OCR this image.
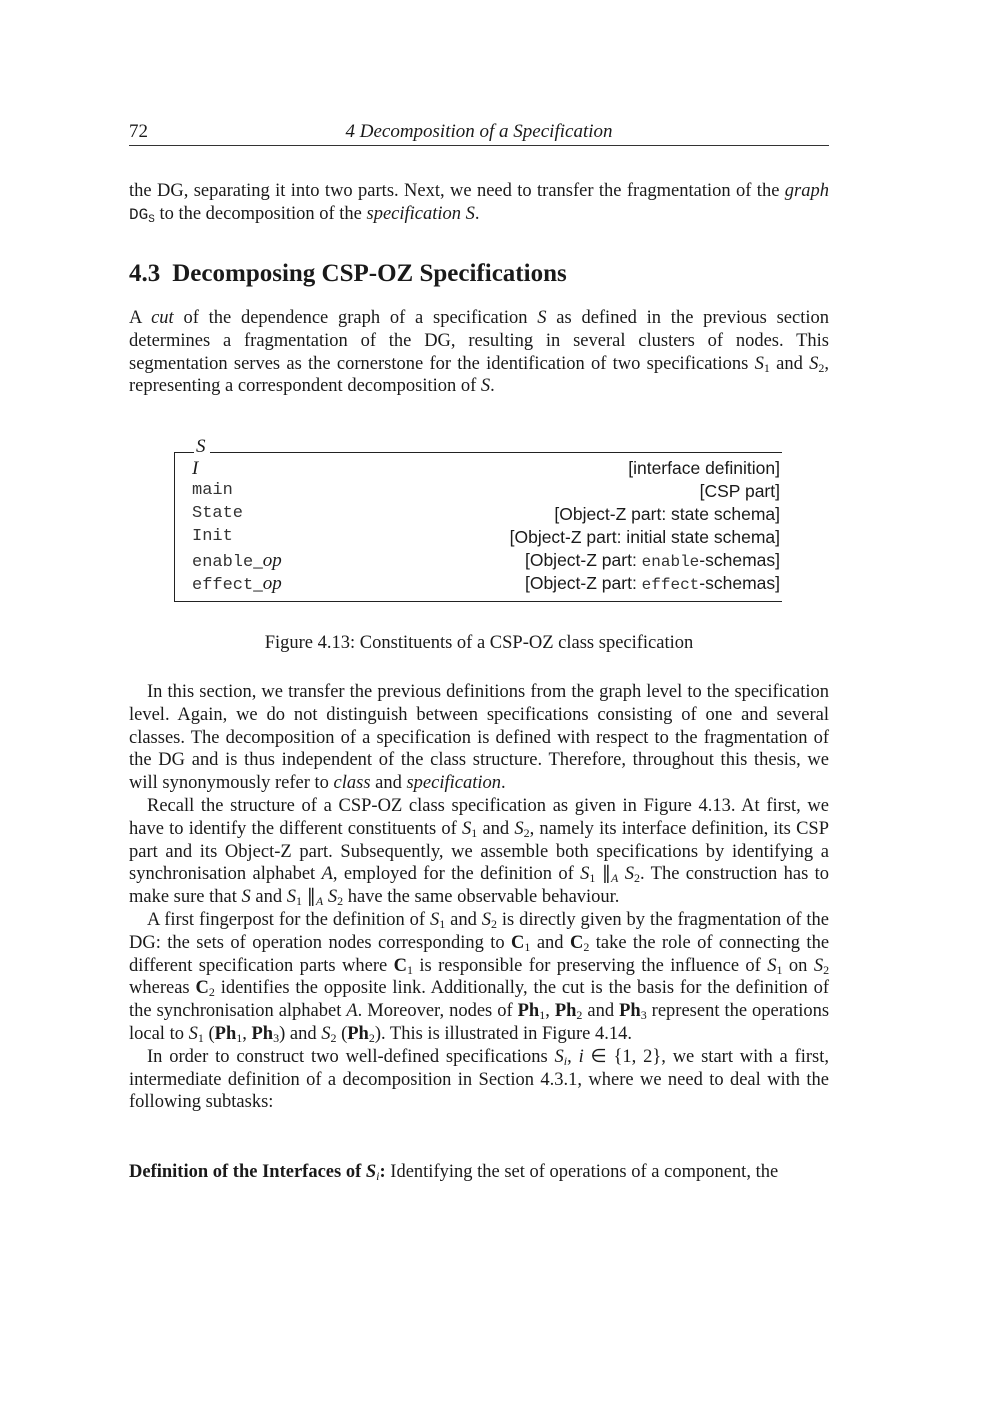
72	4 Decomposition of a Specification

the DG, separating it into two parts. Next, we need to transfer the fragmentation of the graph $DG_S$ to the decomposition of the specification S.

4.3 Decomposing CSP-OZ Specifications

A cut of the dependence graph of a specification S as defined in the previous section determines a fragmentation of the DG, resulting in several clusters of nodes. This segmentation serves as the cornerstone for the identification of two specifications $S_1$ and $S_2$, representing a correspondent decomposition of S.

S
I	[interface definition]
main	[CSP part]
State	[Object-Z part: state schema]
Init	[Object-Z part: initial state schema]
enable_op	[Object-Z part: enable-schemas]
effect_op	[Object-Z part: effect-schemas]
Figure 4.13: Constituents of a CSP-OZ class specification

In this section, we transfer the previous definitions from the graph level to the specification level. Again, we do not distinguish between specifications consisting of one and several classes. The decomposition of a specification is defined with respect to the fragmentation of the DG and is thus independent of the class structure. Therefore, throughout this thesis, we will synonymously refer to class and specification.

Recall the structure of a CSP-OZ class specification as given in Figure 4.13. At first, we have to identify the different constituents of $S_1$ and $S_2$, namely its interface definition, its CSP part and its Object-Z part. Subsequently, we assemble both specifications by identifying a synchronisation alphabet A, employed for the definition of $S_1$ $\parallel_A$ $S_2$. The construction has to make sure that S and $S_1$ $\parallel_A$ $S_2$ have the same observable behaviour.

A first fingerpost for the definition of $S_1$ and $S_2$ is directly given by the fragmentation of the DG: the sets of operation nodes corresponding to $C_1$ and $C_2$ take the role of connecting the different specification parts where $C_1$ is responsible for preserving the influence of $S_1$ on $S_2$ whereas $C_2$ identifies the opposite link. Additionally, the cut is the basis for the definition of the synchronisation alphabet A. Moreover, nodes of $Ph_1$, $Ph_2$ and $Ph_3$ represent the operations local to $S_1$ ($Ph_1$, $Ph_3$) and $S_2$ $(Ph_2)$. This is illustrated in Figure 4.14.

In order to construct two well-defined specifications $S_i$, i ∈ {1, 2}, we start with a first, intermediate definition of a decomposition in Section 4.3.1, where we need to deal with the following subtasks:

Definition of the Interfaces of $S_i$: Identifying the set of operations of a component, the
